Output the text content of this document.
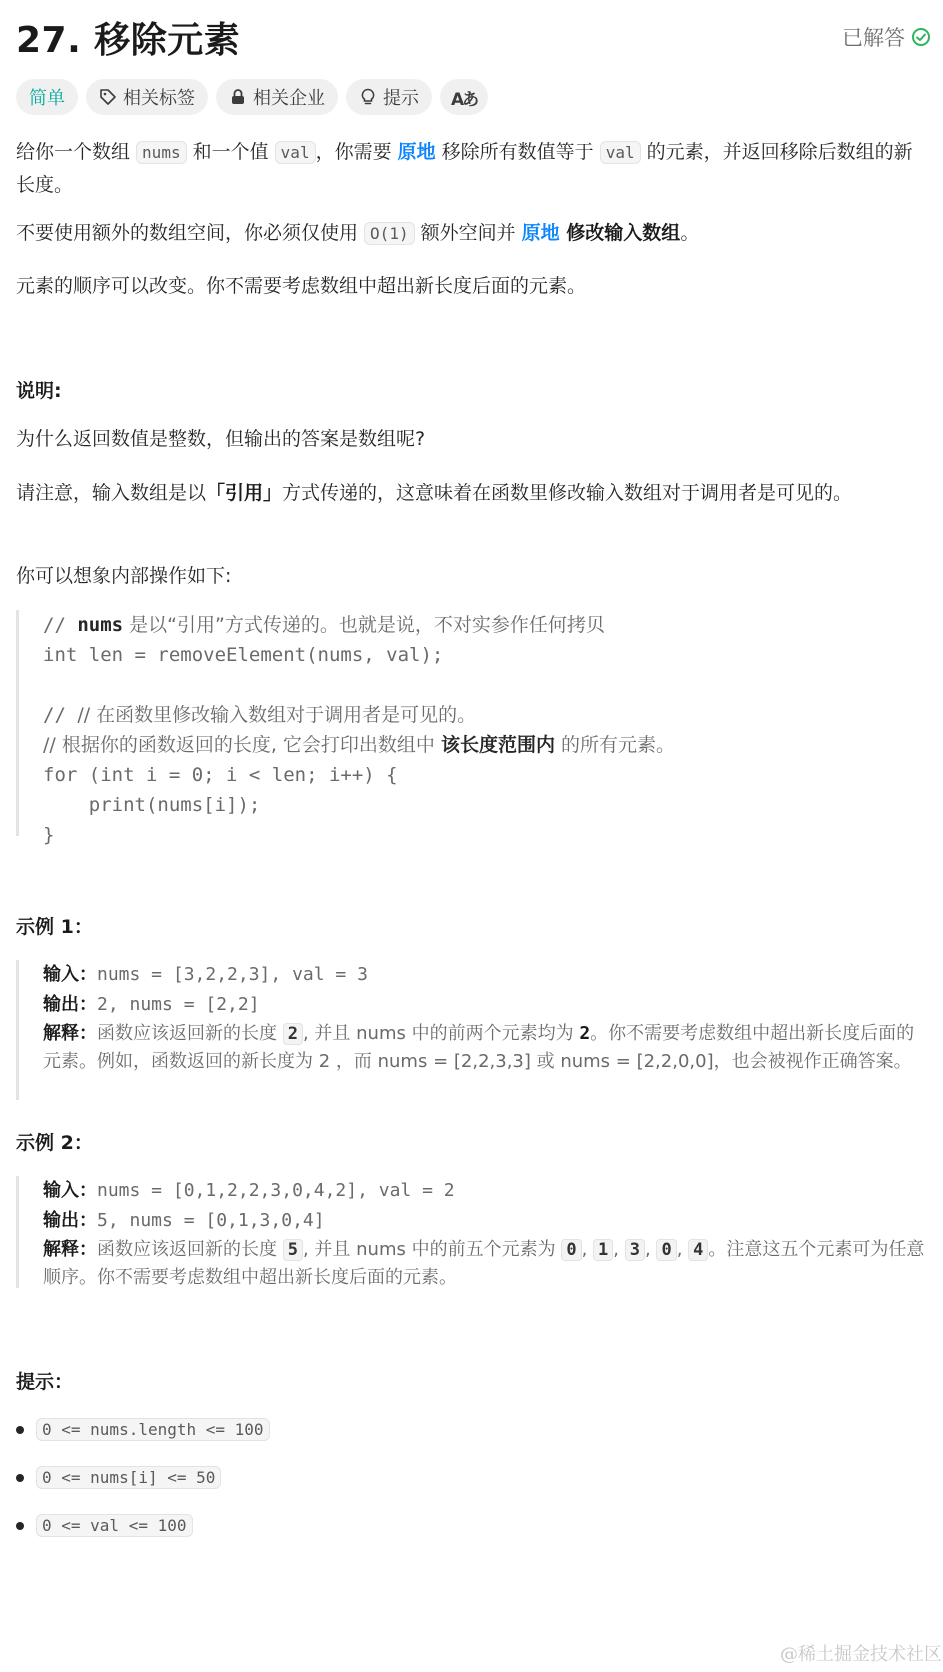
27. 移除元素	已解答
简单	相关标签	相关企业	提示 Aあ
给你一个数组 nums 和一个值 val ，你需要 原地 移除所有数值等于 val 的元素，并返回移除后数组的新长度。
不要使用额外的数组空间，你必须仅使用 O(1) 额外空间并 原地 修改输入数组。
元素的顺序可以改变。你不需要考虑数组中超出新长度后面的元素。
说明:
为什么返回数值是整数，但输出的答案是数组呢?
请注意，输入数组是以「引用」方式传递的，这意味着在函数里修改输入数组对于调用者是可见的。
你可以想象内部操作如下:
// nums 是以“引用”方式传递的。也就是说，不对实参作任何拷贝
int len = removeElement(nums, val);
// // 在函数里修改输入数组对于调用者是可见的。
// 根据你的函数返回的长度, 它会打印出数组中 该长度范围内 的所有元素。
for (int i = 0; i < len; i++) {
print(nums[i]);
}
示例 1：
输入：nums = [3,2,2,3], val = 3
输出：2, nums = [2,2]
解释：函数应该返回新的长度 2 , 并且 nums 中的前两个元素均为 2。你不需要考虑数组中超出新长度后面的元素。例如，函数返回的新长度为 2 ，而 nums = [2,2,3,3] 或 nums = [2,2,0,0]，也会被视作正确答案。
示例 2：
输入：nums = [0,1,2,2,3,0,4,2], val = 2
输出：5, nums = [0,1,3,0,4]
解释：函数应该返回新的长度 5 , 并且 nums 中的前五个元素为 0 , 1 , 3 , 0 , 4 。注意这五个元素可为任意顺序。你不需要考虑数组中超出新长度后面的元素。
提示：
0 <= nums.length <= 100
0 <= nums[i] <= 50
0 <= val <= 100
@稀土掘金技术社区
